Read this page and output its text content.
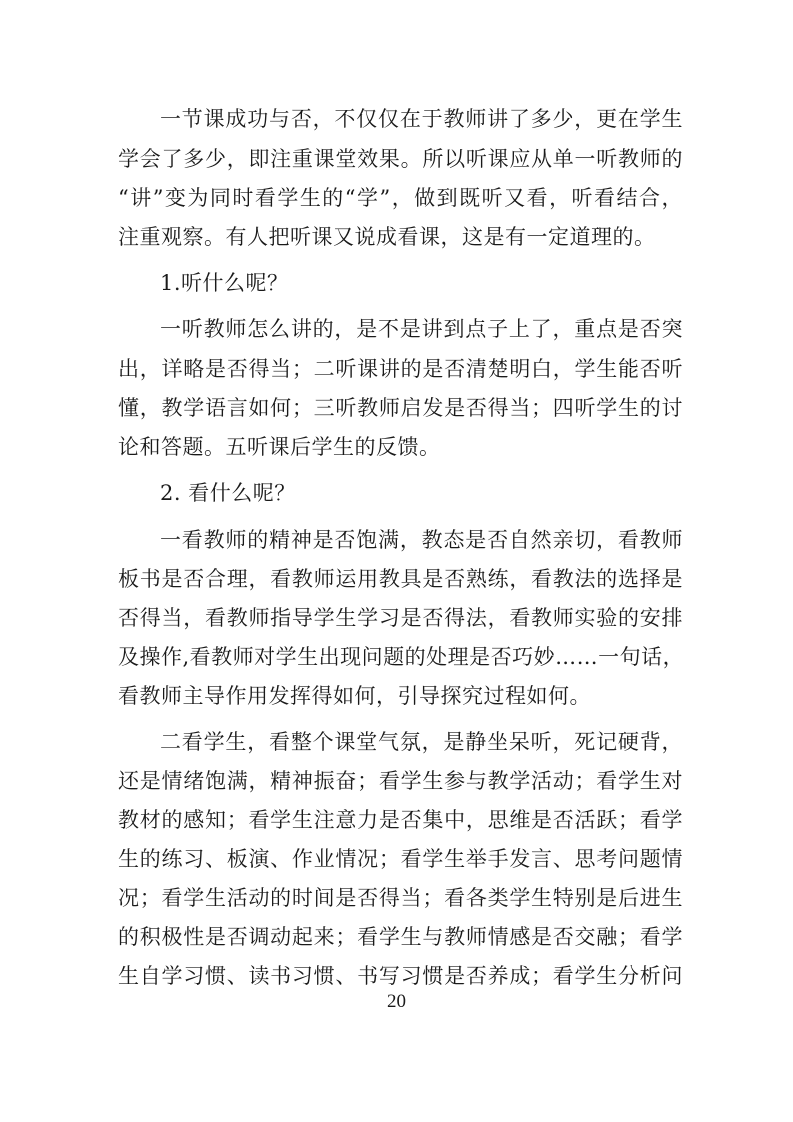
一节课成功与否，不仅仅在于教师讲了多少，更在学生
学会了多少，即注重课堂效果。所以听课应从单一听教师的
“讲”变为同时看学生的“学”，做到既听又看，听看结合，
注重观察。有人把听课又说成看课，这是有一定道理的。
1.听什么呢？
一听教师怎么讲的，是不是讲到点子上了，重点是否突
出，详略是否得当；二听课讲的是否清楚明白，学生能否听
懂，教学语言如何；三听教师启发是否得当；四听学生的讨
论和答题。五听课后学生的反馈。
2. 看什么呢？
一看教师的精神是否饱满，教态是否自然亲切，看教师
板书是否合理，看教师运用教具是否熟练，看教法的选择是
否得当，看教师指导学生学习是否得法，看教师实验的安排
及操作,看教师对学生出现问题的处理是否巧妙……一句话，
看教师主导作用发挥得如何，引导探究过程如何。
二看学生，看整个课堂气氛，是静坐呆听，死记硬背，
还是情绪饱满，精神振奋；看学生参与教学活动；看学生对
教材的感知；看学生注意力是否集中，思维是否活跃；看学
生的练习、板演、作业情况；看学生举手发言、思考问题情
况；看学生活动的时间是否得当；看各类学生特别是后进生
的积极性是否调动起来；看学生与教师情感是否交融；看学
生自学习惯、读书习惯、书写习惯是否养成；看学生分析问
20
